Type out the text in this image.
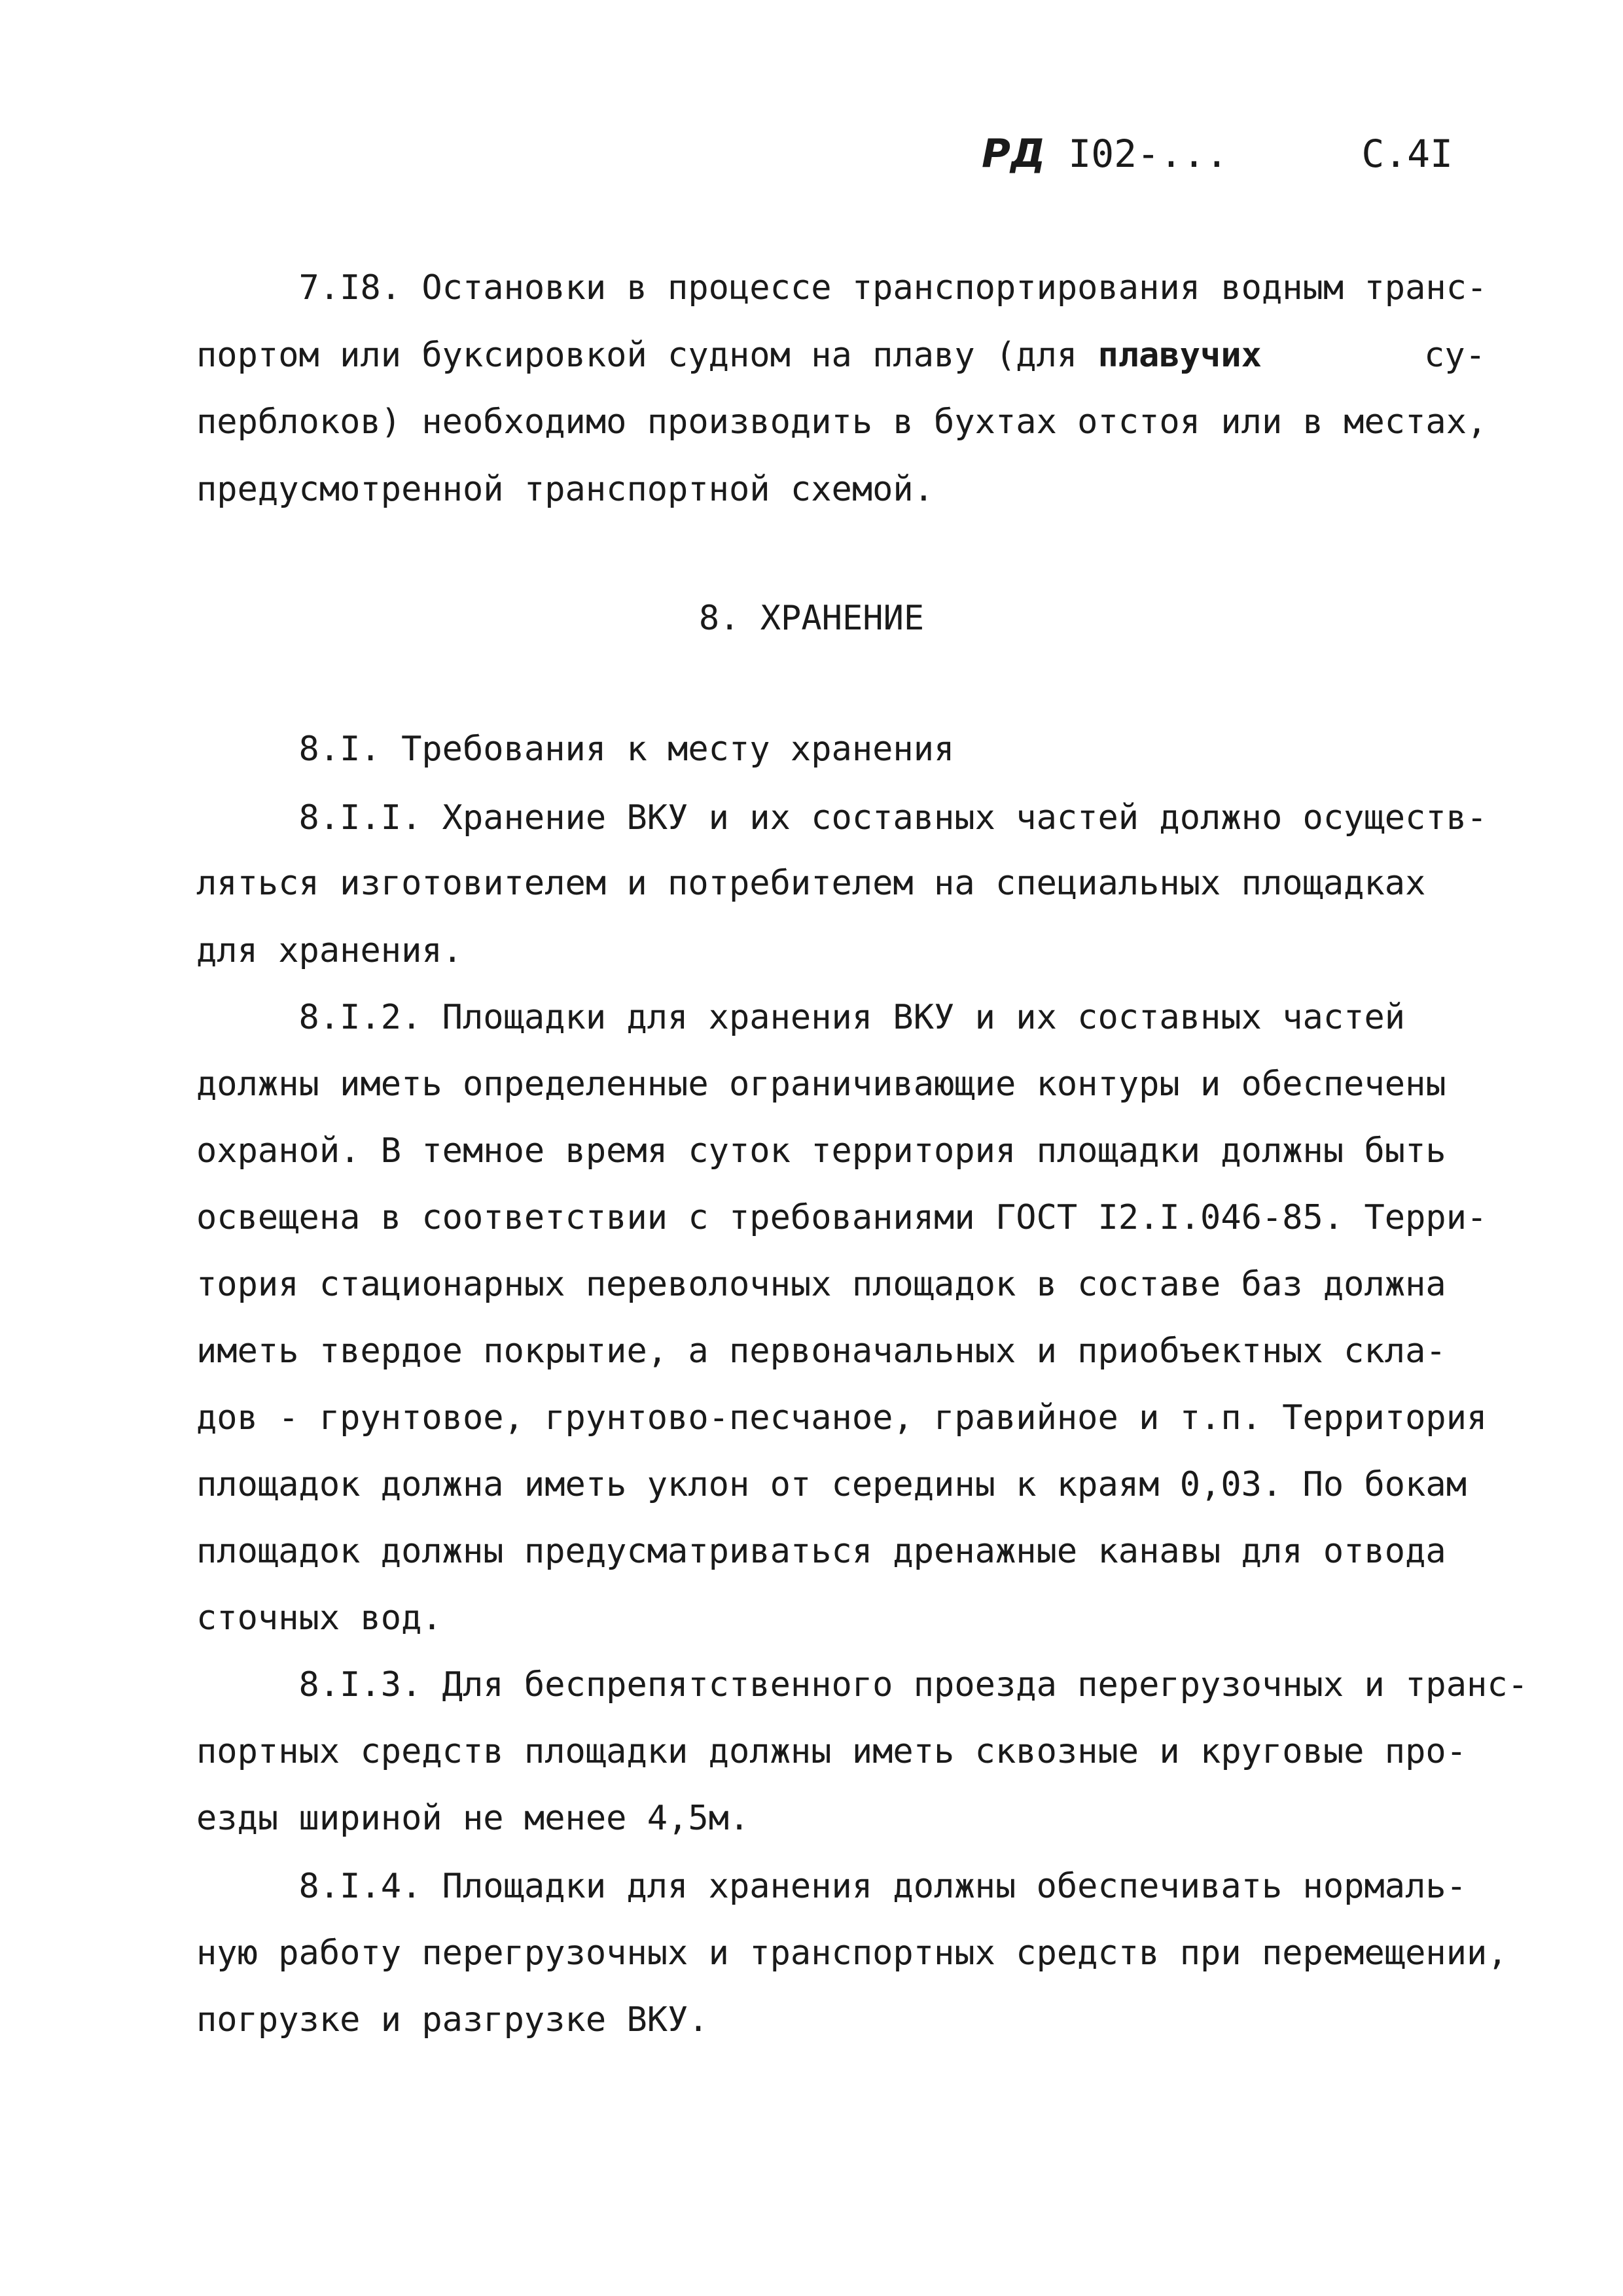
РД I02-...	С.4I
7.I8. Остановки в процессе транспортирования водным транс-
портом или буксировкой судном на плаву (для плавучих	су-
перблоков) необходимо производить в бухтах отстоя или в местах,
предусмотренной транспортной схемой.
8. ХРАНЕНИЕ
8.I. Требования к месту хранения
8.I.I. Хранение ВКУ и их составных частей должно осуществ-
ляться изготовителем и потребителем на специальных площадках
для хранения.
8.I.2. Площадки для хранения ВКУ и их составных частей
должны иметь определенные ограничивающие контуры и обеспечены
охраной. В темное время суток территория площадки должны быть
освещена в соответствии с требованиями ГОСТ I2.I.046-85. Терри-
тория стационарных переволочных площадок в составе баз должна
иметь твердое покрытие, а первоначальных и приобъектных скла-
дов - грунтовое, грунтово-песчаное, гравийное и т.п. Территория
площадок должна иметь уклон от середины к краям 0,03. По бокам
площадок должны предусматриваться дренажные канавы для отвода
сточных вод.
8.I.3. Для беспрепятственного проезда перегрузочных и транс-
портных средств площадки должны иметь сквозные и круговые про-
езды шириной не менее 4,5м.
8.I.4. Площадки для хранения должны обеспечивать нормаль-
ную работу перегрузочных и транспортных средств при перемещении,
погрузке и разгрузке ВКУ.
